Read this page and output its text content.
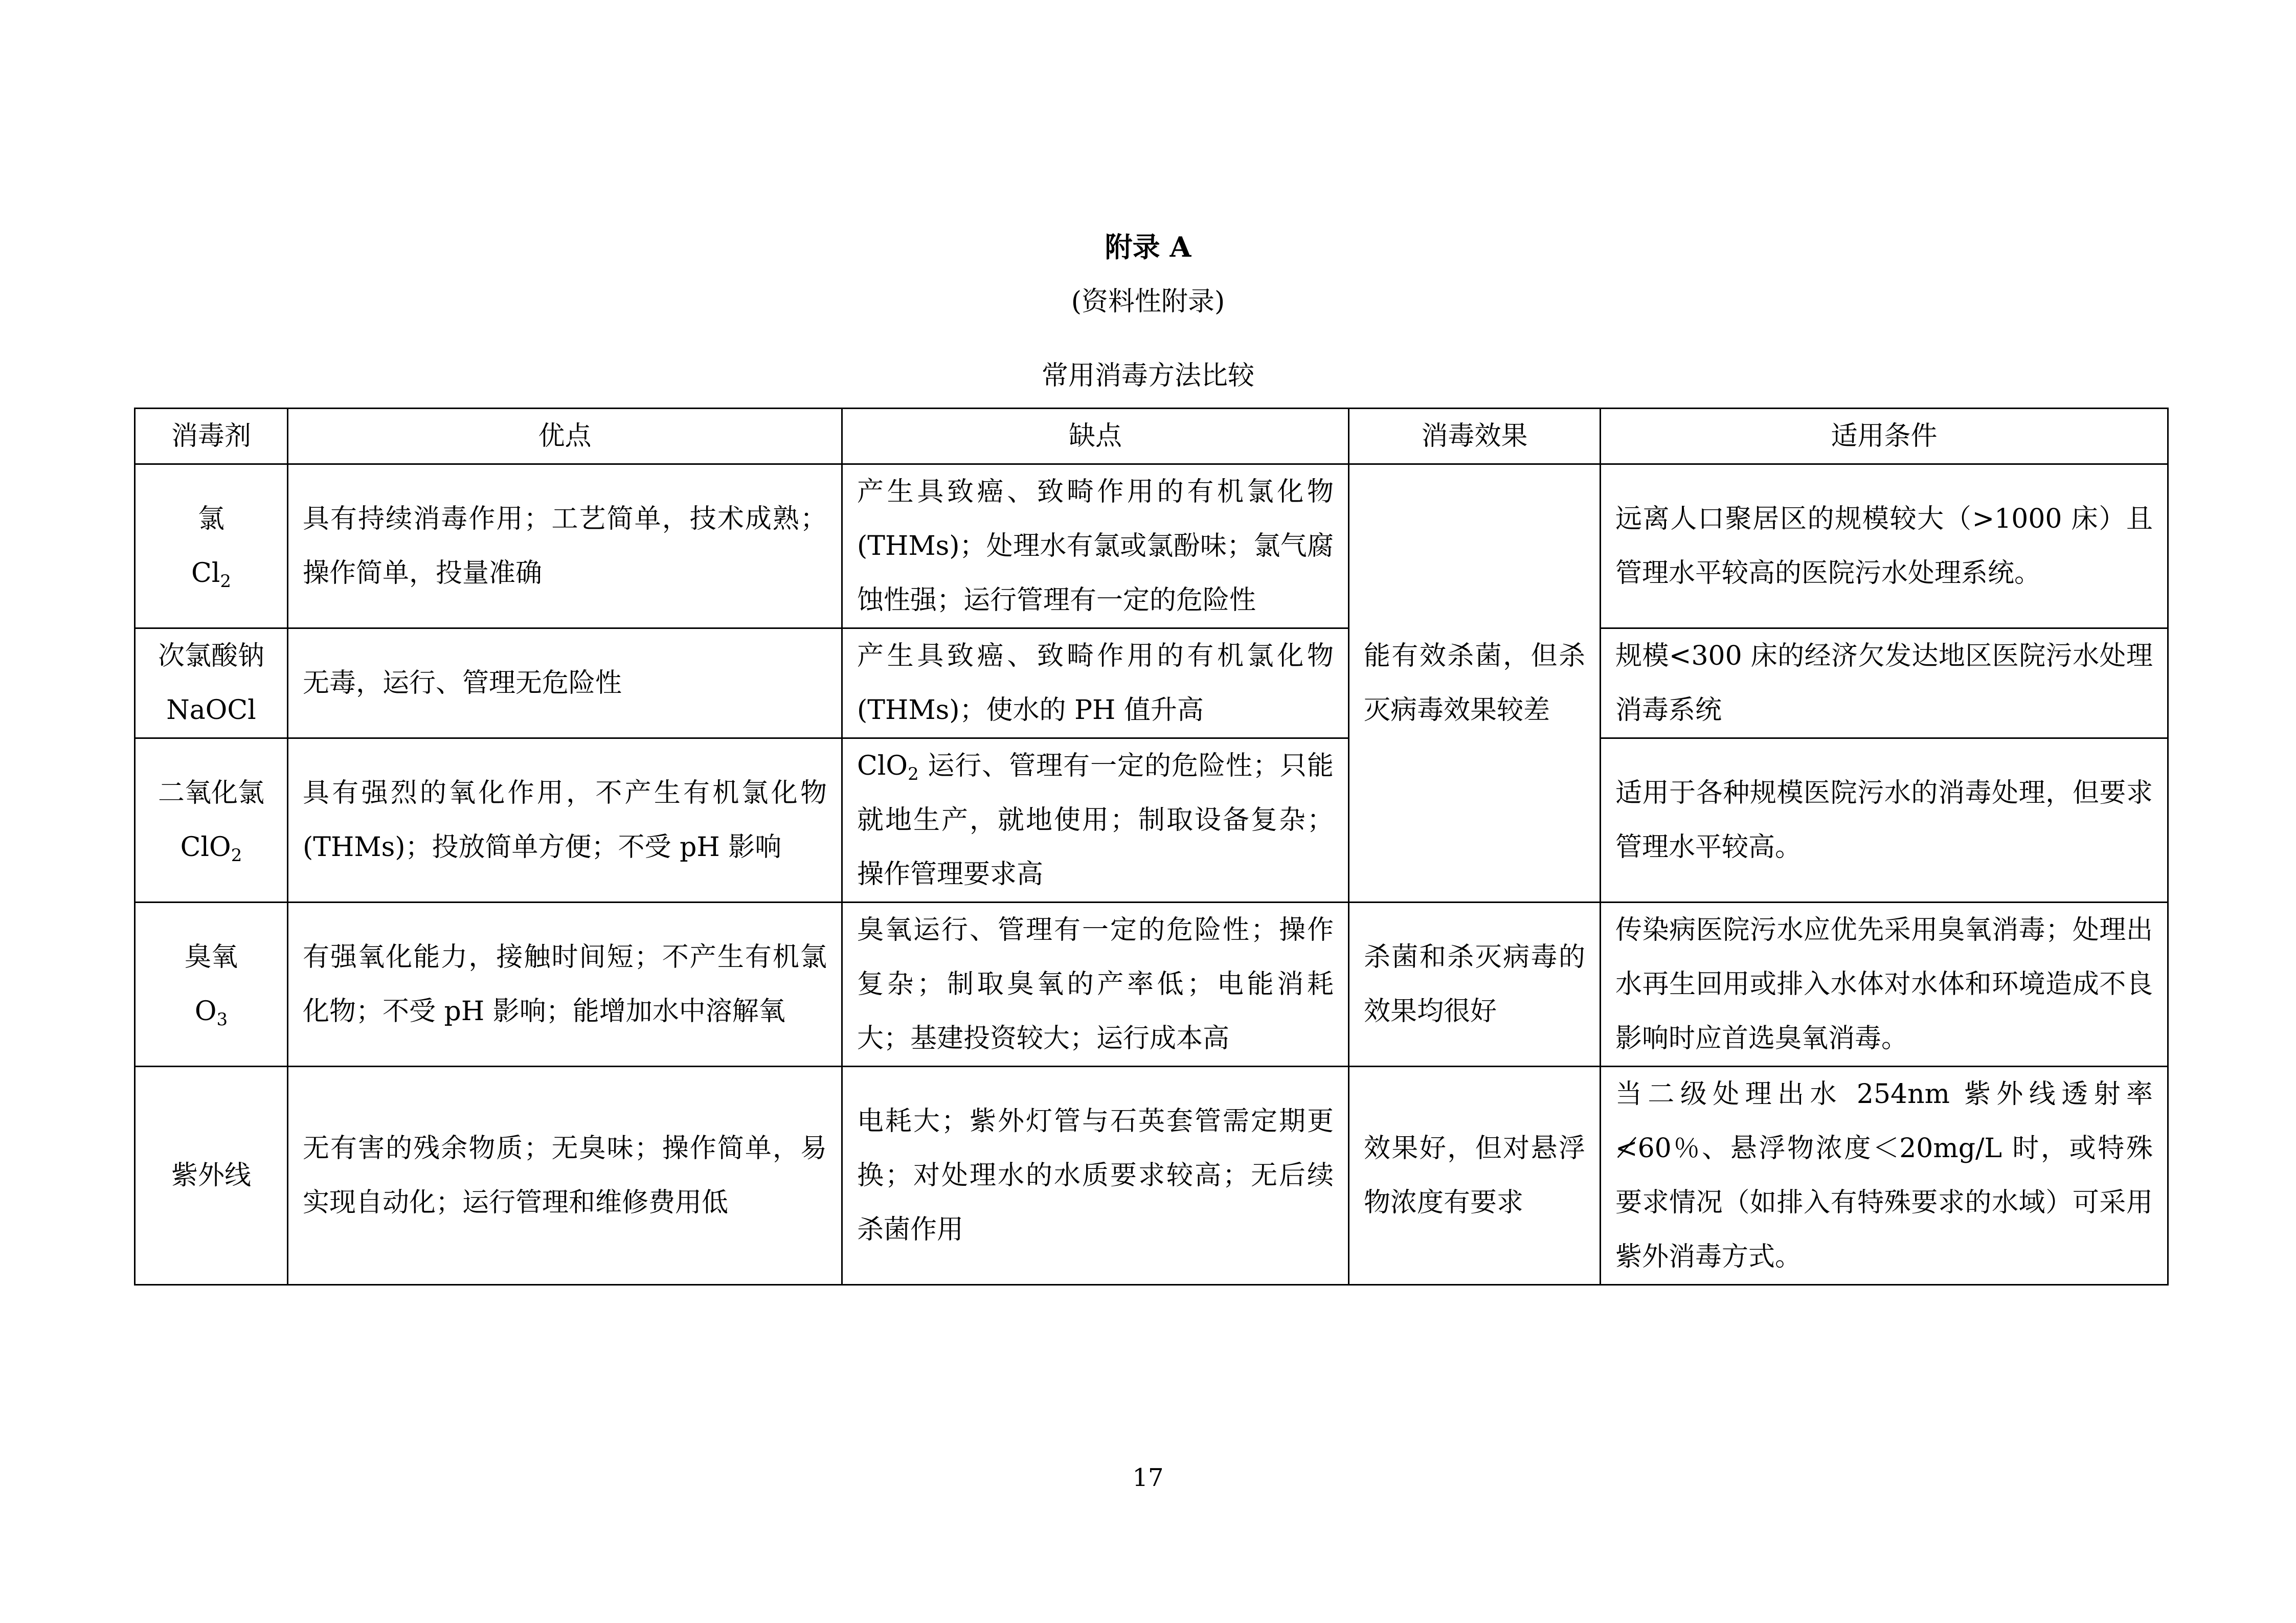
附录 A
(资料性附录)
常用消毒方法比较
消毒剂	优点	缺点	消毒效果	适用条件

氯
$Cl_2$	具有持续消毒作用；工艺简单，技术成熟；操作简单，投量准确	产生具致癌、致畸作用的有机氯化物(THMs)；处理水有氯或氯酚味；氯气腐蚀性强；运行管理有一定的危险性	能有效杀菌，但杀灭病毒效果较差	远离人口聚居区的规模较大（>1000 床）且管理水平较高的医院污水处理系统。

次氯酸钠
NaOCl	无毒，运行、管理无危险性	产生具致癌、致畸作用的有机氯化物(THMs)；使水的 PH 值升高		规模<300 床的经济欠发达地区医院污水处理消毒系统

二氧化氯
ClO$_2$	具有强烈的氧化作用，不产生有机氯化物(THMs)；投放简单方便；不受 pH 影响	ClO$_2$ 运行、管理有一定的危险性；只能就地生产，就地使用；制取设备复杂；操作管理要求高		适用于各种规模医院污水的消毒处理，但要求管理水平较高。

臭氧
$O_3$	有强氧化能力，接触时间短；不产生有机氯化物；不受 pH 影响；能增加水中溶解氧	臭氧运行、管理有一定的危险性；操作复杂；制取臭氧的产率低；电能消耗大；基建投资较大；运行成本高	杀菌和杀灭病毒的效果均很好	传染病医院污水应优先采用臭氧消毒；处理出水再生回用或排入水体对水体和环境造成不良影响时应首选臭氧消毒。

紫外线	无有害的残余物质；无臭味；操作简单，易实现自动化；运行管理和维修费用低	电耗大；紫外灯管与石英套管需定期更换；对处理水的水质要求较高；无后续杀菌作用	效果好，但对悬浮物浓度有要求	当二级处理出水 254nm 紫外线透射率≮60％、悬浮物浓度＜20mg/L 时，或特殊要求情况（如排入有特殊要求的水域）可采用紫外消毒方式。
17
